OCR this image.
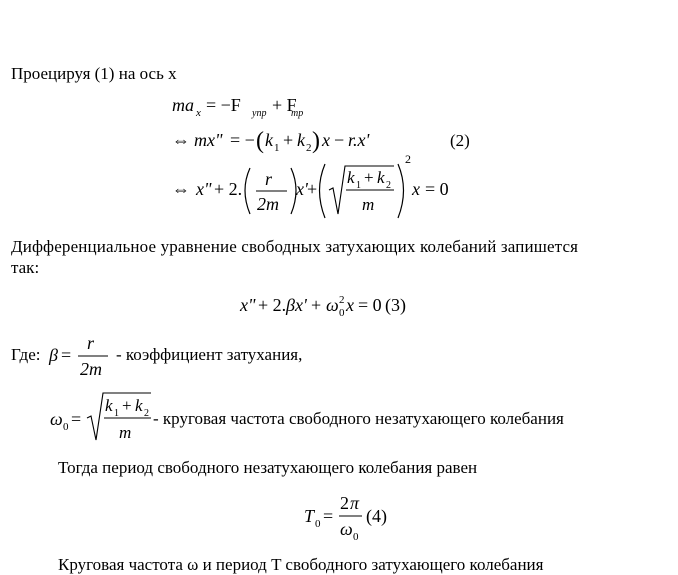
Проецируя (1) на ось x
Дифференциальное уравнение свободных затухающих колебаний запишется
так:
Где:	- коэффициент затухания,
- круговая частота свободного незатухающего колебания
Тогда период свободного незатухающего колебания равен
Круговая частота ω и период T свободного затухающего колебания
ma x = −F упр + F
тр
⇔ mx" = − ( k 1 + k 2 ) x − r.x'	(2)
⇔ x" + 2. r
2m
x' +
k 1 + k 2
m
2
x = 0
x" + 2. βx' + ω 2
0 x = 0 (3)
β =
r
2m
ω 0 =
k 1 + k 2
m
T 0 =
2 π
ω 0
(4)
